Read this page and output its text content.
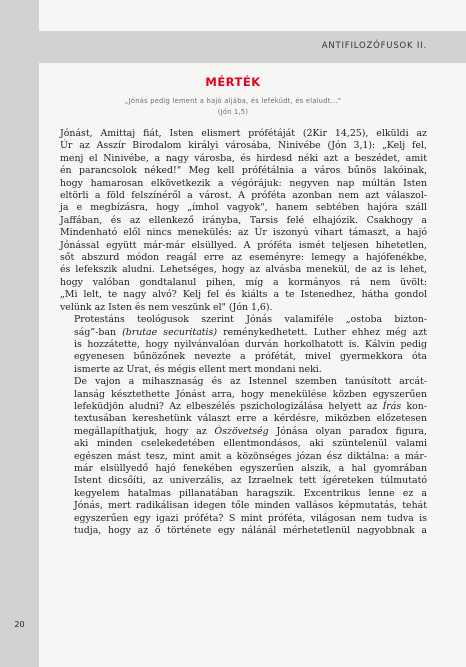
ANTIFILOZÓFUSOK II.
MÉRTÉK
„Jónás pedig lement a hajó aljába, és lefeküdt, és elaludt..."
(Jón 1,5)

Jónást, Amittaj fiát, Isten elismert prófétáját (2Kir 14,25), elküldi az
Úr az Asszír Birodalom királyi városába, Ninivébe (Jón 3,1): „Kelj fel,
menj el Ninivébe, a nagy városba, és hirdesd néki azt a beszédet, amit
én parancsolok néked!" Meg kell prófétálnia a város bűnös lakóinak,
hogy hamarosan elkövetkezik a végórájuk: negyven nap múltán Isten
eltörli a föld felszínéről a várost. A próféta azonban nem azt válaszol-
ja e megbízásra, hogy „ímhol vagyok", hanem sebtében hajóra száll
Jaffában, és az ellenkező irányba, Tarsis felé elhajózik. Csakhogy a
Mindenható elől nincs menekülés: az Úr iszonyú vihart támaszt, a hajó
Jónással együtt már-már elsüllyed. A próféta ismét teljesen hihetetlen,
sőt abszurd módon reagál erre az eseményre: lemegy a hajófenékbe,
és lefekszik aludni. Lehetséges, hogy az alvásba menekül, de az is lehet,
hogy valóban gondtalanul pihen, míg a kormányos rá nem üvölt:
„Mi lelt, te nagy alvó? Kelj fel és kiálts a te Istenedhez, hátha gondol
velünk az Isten és nem veszünk el" (Jón 1,6).

Protestáns teológusok szerint Jónás valamiféle „ostoba bizton-
ság”-ban (brutae securitatis) reménykedhetett. Luther ehhez még azt
is hozzátette, hogy nyilvánvalóan durván horkolhatott is. Kálvin pedig
egyenesen bűnözőnek nevezte a prófétát, mivel gyermekkora óta
ismerte az Urat, és mégis ellent mert mondani neki.

De vajon a mihasznaság és az Istennel szemben tanúsított arcát-
lanság késztethette Jónást arra, hogy menekülése közben egyszerűen
lefeküdjön aludni? Az elbeszélés pszichologizálása helyett az Írás kon-
textusában kereshetünk választ erre a kérdésre, miközben előzetesen
megállapíthatjuk, hogy az Ószövetség Jónása olyan paradox figura,
aki minden cselekedetében ellentmondásos, aki szüntelenül valami
egészen mást tesz, mint amit a közönséges józan ész diktálna: a már-
már elsüllyedő hajó fenekében egyszerűen alszik, a hal gyomrában
Istent dicsőíti, az univerzális, az Izraelnek tett ígéreteken túlmutató
kegyelem hatalmas pillanatában haragszik. Excentrikus lenne ez a
Jónás, mert radikálisan idegen tőle minden vallásos képmutatás, tehát
egyszerűen egy igazi próféta? S mint próféta, világosan nem tudva is
tudja, hogy az ő története egy nálánál mérhetetlenül nagyobbnak a

20
